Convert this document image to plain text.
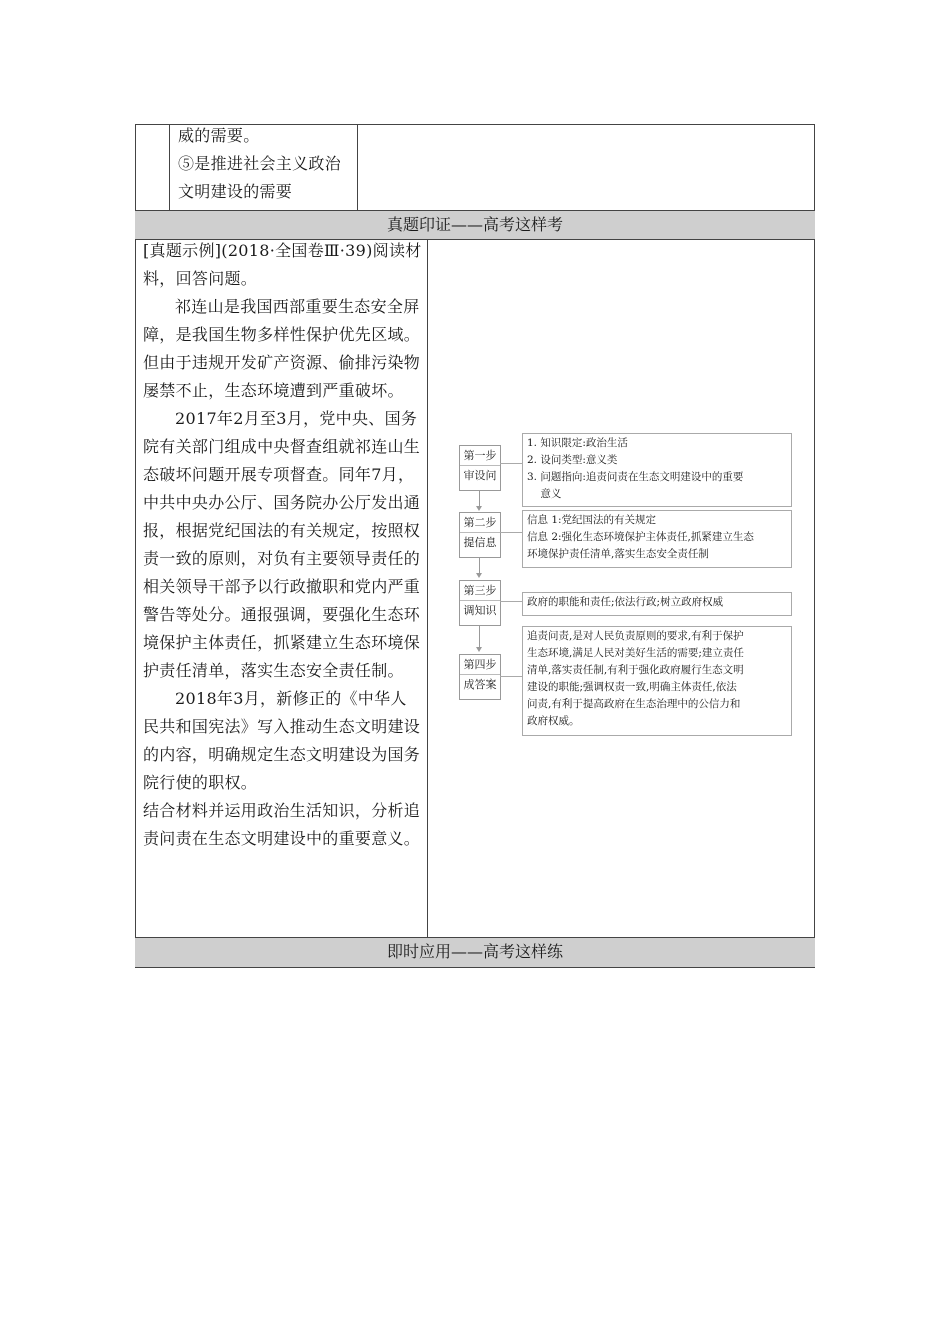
威的需要。
⑤是推进社会主义政治
文明建设的需要
真题印证——高考这样考

[真题示例](2018·全国卷Ⅲ·39)阅读材料，回答问题。

祁连山是我国西部重要生态安全屏障，是我国生物多样性保护优先区域。但由于违规开发矿产资源、偷排污染物屡禁不止，生态环境遭到严重破坏。

2017年2月至3月，党中央、国务院有关部门组成中央督查组就祁连山生态破坏问题开展专项督查。同年7月，中共中央办公厅、国务院办公厅发出通报，根据党纪国法的有关规定，按照权责一致的原则，对负有主要领导责任的相关领导干部予以行政撤职和党内严重警告等处分。通报强调，要强化生态环境保护主体责任，抓紧建立生态环境保护责任清单，落实生态安全责任制。

2018年3月，新修正的《中华人民共和国宪法》写入推动生态文明建设的内容，明确规定生态文明建设为国务院行使的职权。

结合材料并运用政治生活知识，分析追责问责在生态文明建设中的重要意义。

第一步
审设问
1. 知识限定:政治生活
2. 设问类型:意义类
3. 问题指向:追责问责在生态文明建设中的重要
意义
第二步
提信息
信息 1:党纪国法的有关规定
信息 2:强化生态环境保护主体责任,抓紧建立生态
环境保护责任清单,落实生态安全责任制
第三步
调知识
政府的职能和责任;依法行政;树立政府权威
第四步
成答案
追责问责,是对人民负责原则的要求,有利于保护
生态环境,满足人民对美好生活的需要;建立责任
清单,落实责任制,有利于强化政府履行生态文明
建设的职能;强调权责一致,明确主体责任,依法
问责,有利于提高政府在生态治理中的公信力和
政府权威。
即时应用——高考这样练
